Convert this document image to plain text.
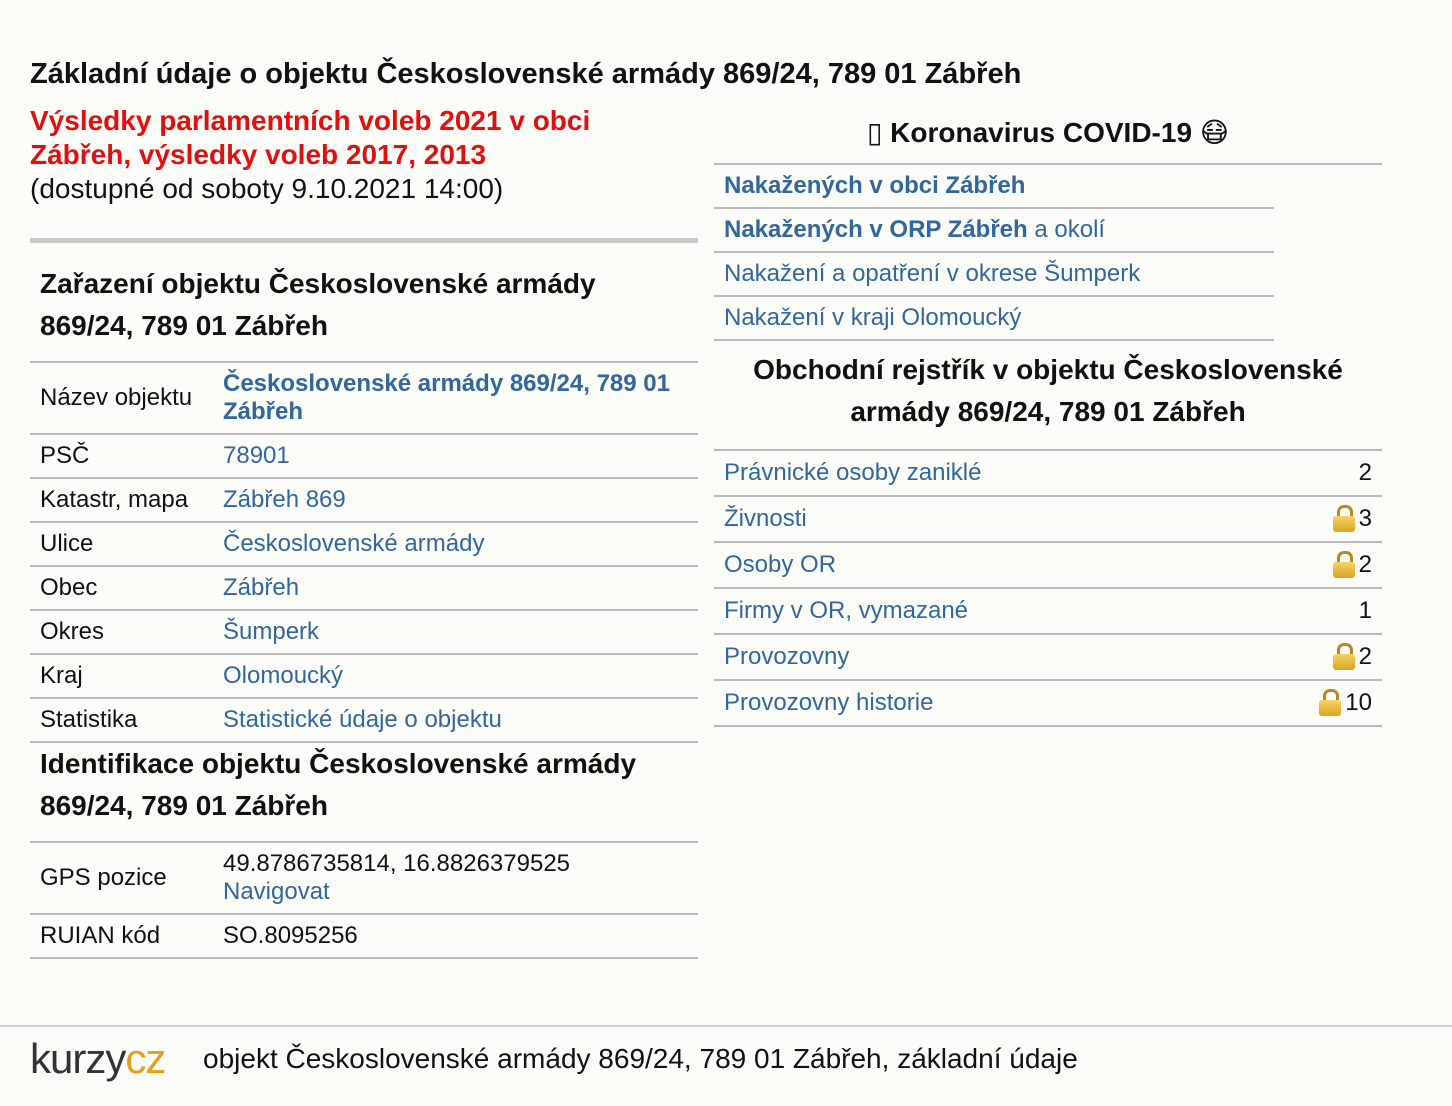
Základní údaje o objektu Československé armády 869/24, 789 01 Zábřeh
Výsledky parlamentních voleb 2021 v obci
Zábřeh, výsledky voleb 2017, 2013
(dostupné od soboty 9.10.2021 14:00)
Zařazení objektu Československé armády 869/24, 789 01 Zábřeh
Název objektu	Československé armády 869/24, 789 01 Zábřeh
PSČ	78901
Katastr, mapa	Zábřeh 869
Ulice	Československé armády
Obec	Zábřeh
Okres	Šumperk
Kraj	Olomoucký
Statistika	Statistické údaje o objektu
Identifikace objektu Československé armády 869/24, 789 01 Zábřeh
GPS pozice	49.8786735814, 16.8826379525
Navigovat
RUIAN kód	SO.8095256
▯ Koronavirus COVID-19 😷
Nakažených v obci Zábřeh
Nakažených v ORP Zábřeh a okolí
Nakažení a opatření v okrese Šumperk
Nakažení v kraji Olomoucký
Obchodní rejstřík v objektu Československé armády 869/24, 789 01 Zábřeh
Právnické osoby zaniklé	2
Živnosti	3
Osoby OR	2
Firmy v OR, vymazané	1
Provozovny	2
Provozovny historie	10
kurzycz objekt Československé armády 869/24, 789 01 Zábřeh, základní údaje
